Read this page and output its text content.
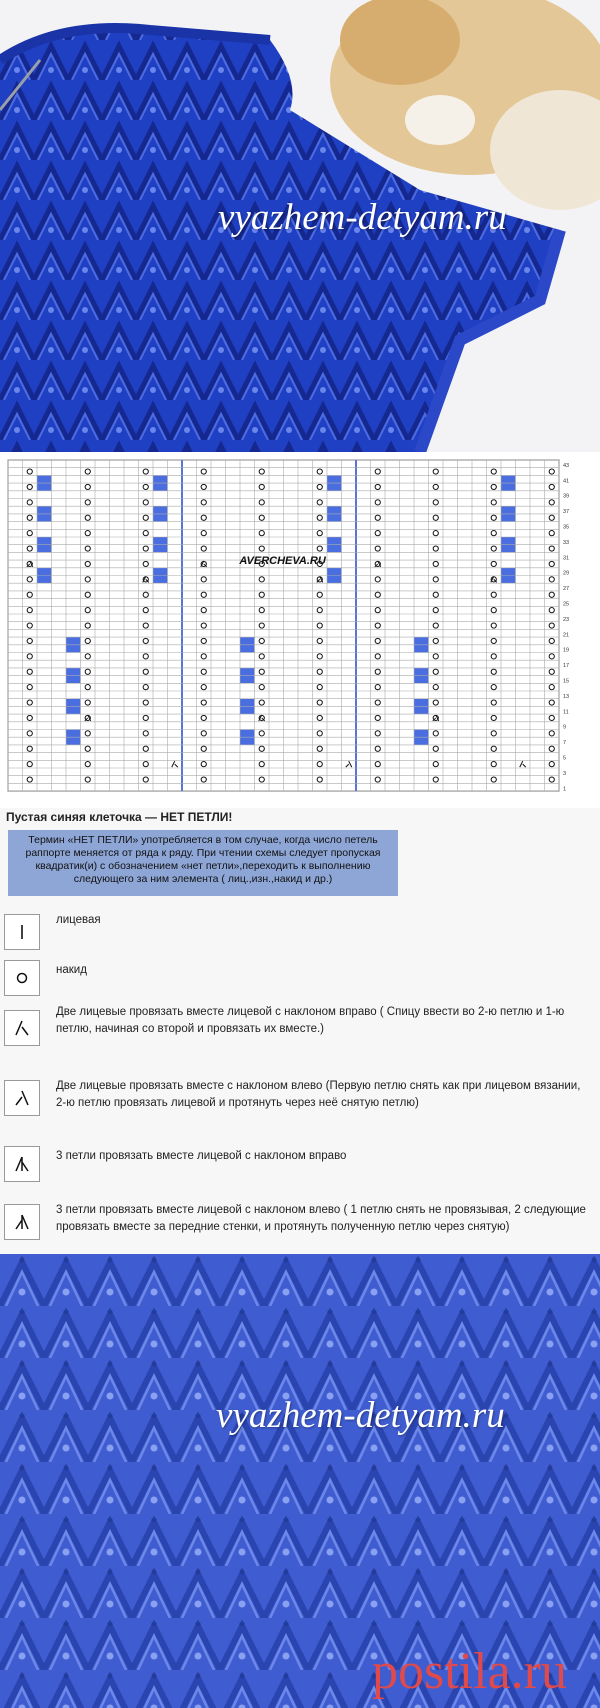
vyazhem-detyam.ru
AVERCHEVA.RU
43
41
39
37
35
33
31
29
27
25
23
21
19
17
15
13
11
9
7
5
3
1
Пустая синяя клеточка — НЕТ ПЕТЛИ!

Термин «НЕТ ПЕТЛИ» употребляется в том случае, когда число петель

раппорте меняется от ряда к ряду. При чтении схемы следует пропуская

квадратик(и) с обозначением «нет петли»,переходить к выполнению

следующего за ним элемента ( лиц.,изн.,накид и др.)

лицевая
накид
Две лицевые провязать вместе лицевой с наклоном вправо ( Спицу ввести во 2-ю петлю и 1-ю петлю, начиная со второй и провязать их вместе.)
Две лицевые провязать вместе с наклоном влево (Первую петлю снять как при лицевом вязании, 2-ю петлю провязать лицевой и протянуть через неё снятую петлю)
3 петли провязать вместе лицевой с наклоном вправо
3 петли провязать вместе лицевой с наклоном влево ( 1 петлю снять не провязывая, 2 следующие провязать вместе за передние стенки, и протянуть полученную петлю через снятую)
vyazhem-detyam.ru
postila.ru
